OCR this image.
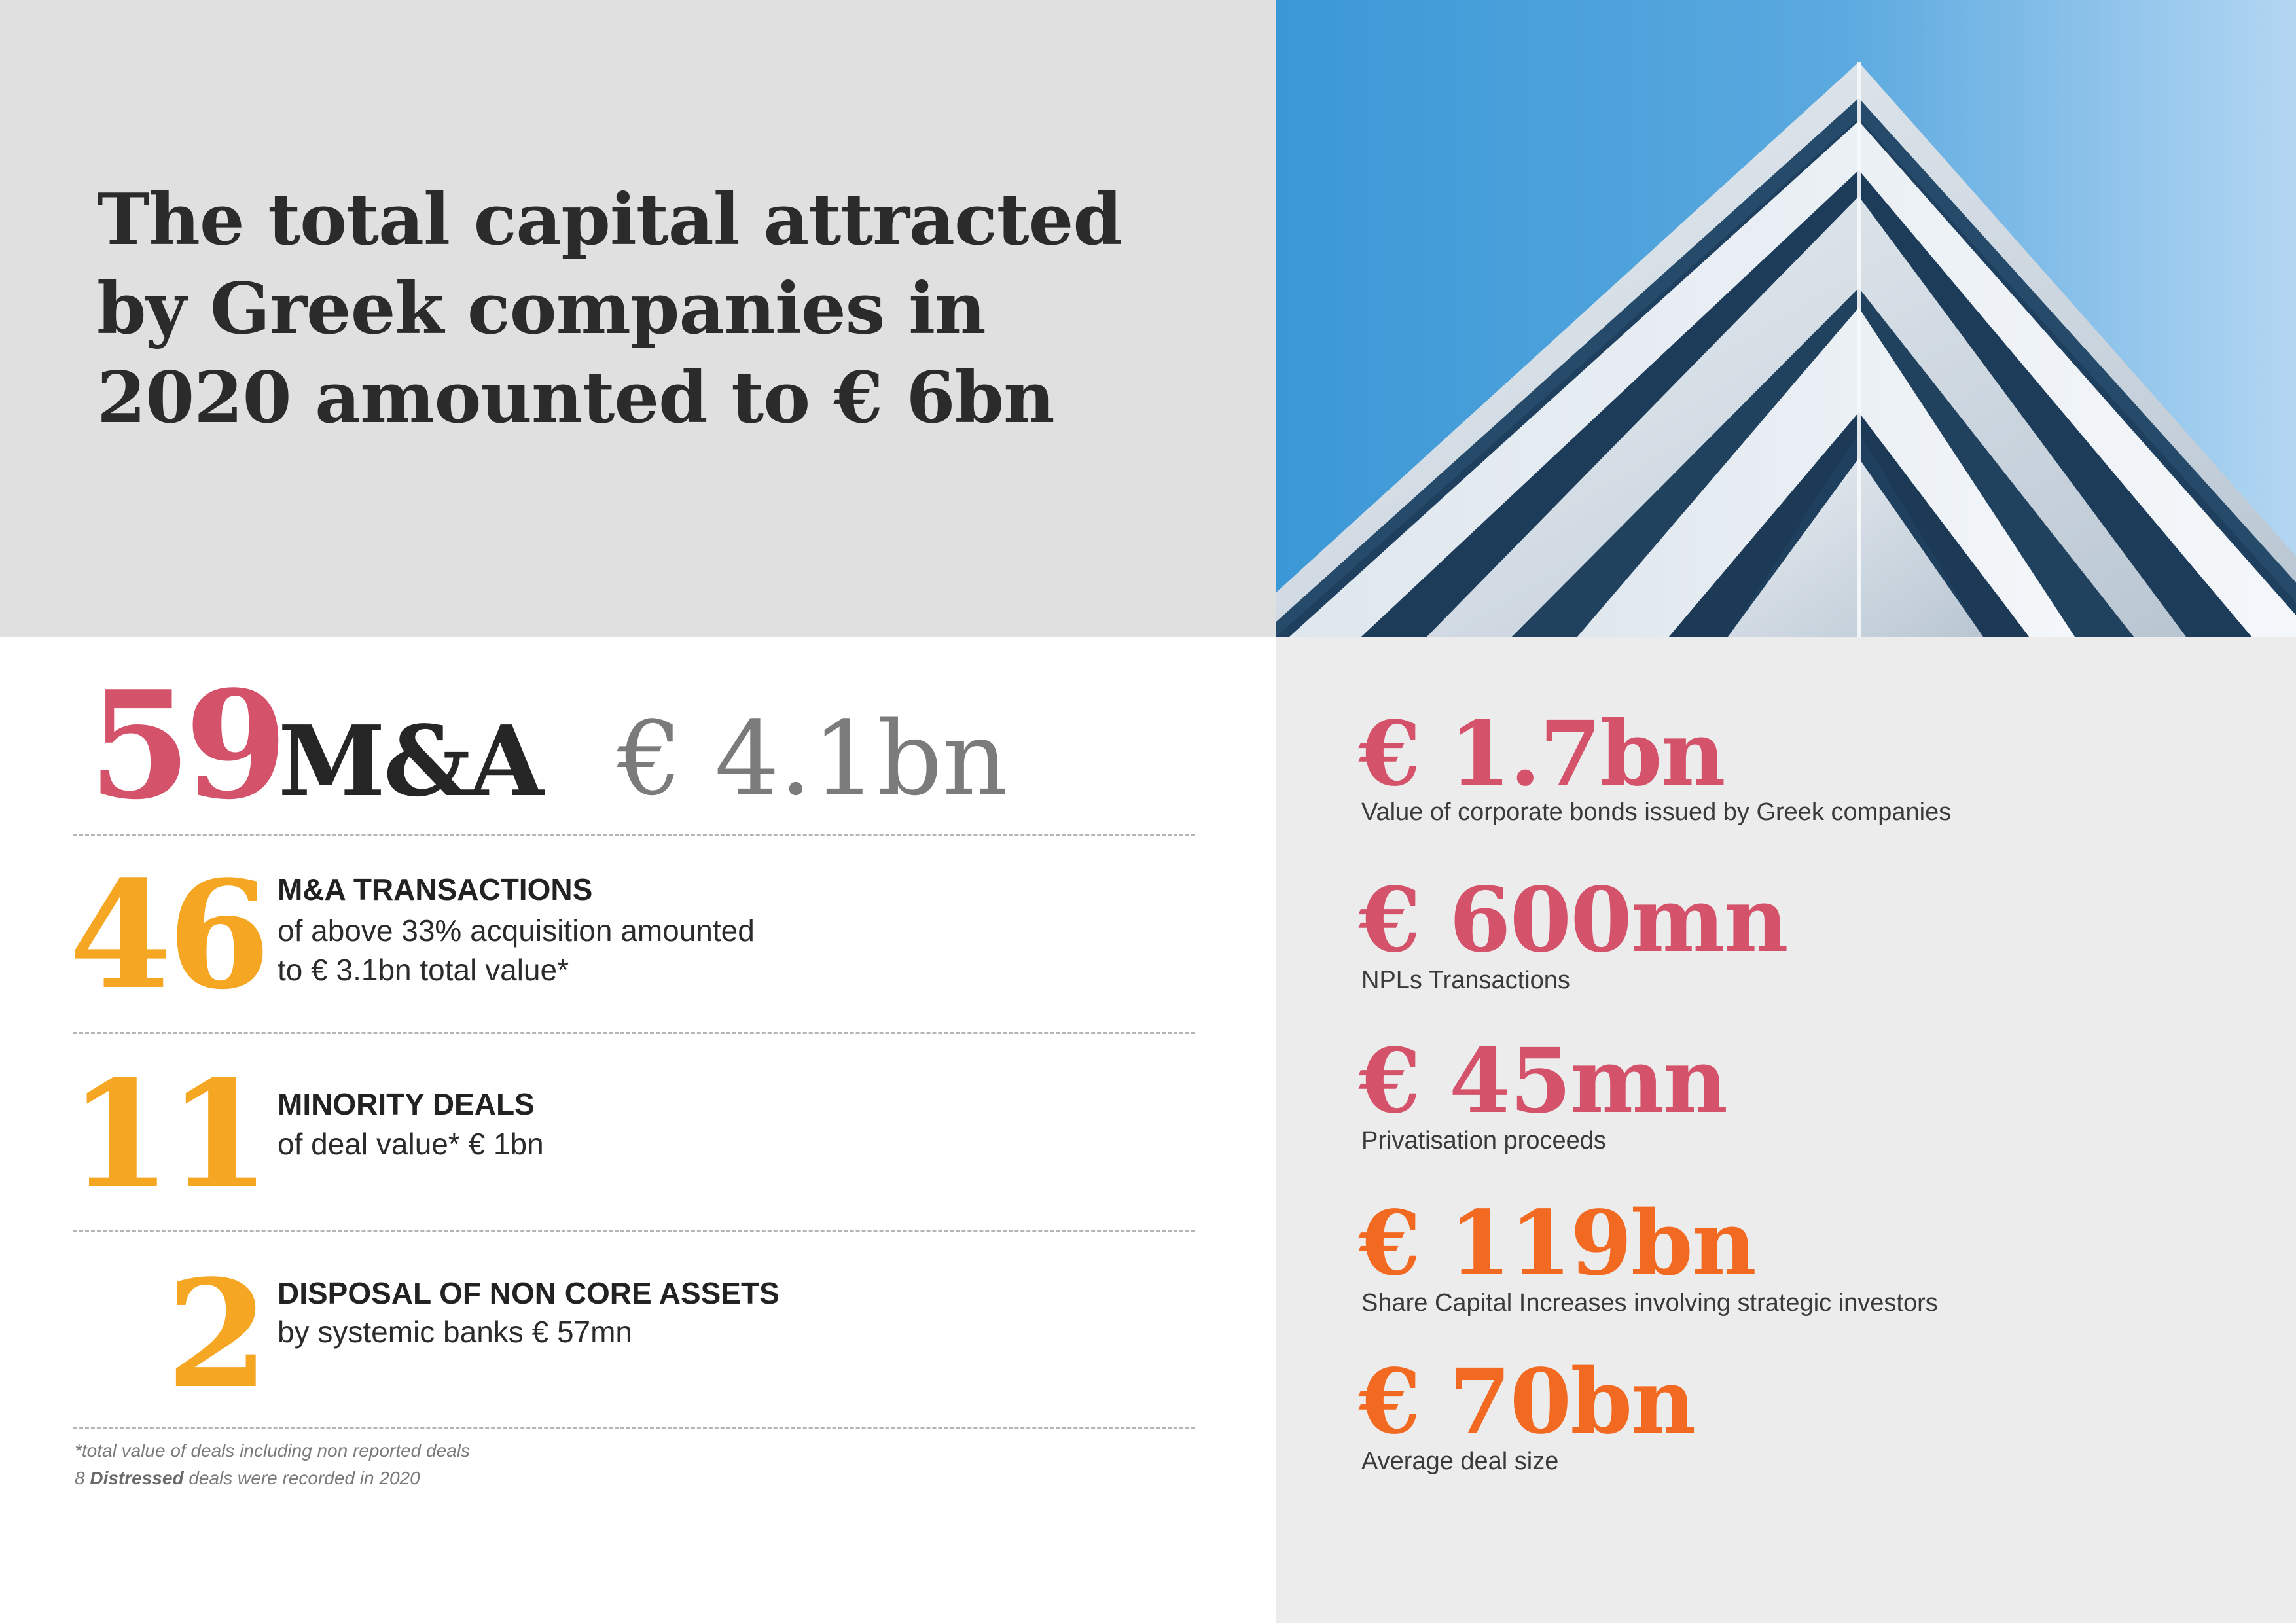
The total capital attracted
by Greek companies in
2020 amounted to € 6bn
59
M&A € 4.1bn
46 M&A TRANSACTIONS
of above 33% acquisition amounted
to € 3.1bn total value*
11 MINORITY DEALS
of deal value* € 1bn
2 DISPOSAL OF NON CORE ASSETS
by systemic banks € 57mn
*total value of deals including non reported deals
8 Distressed deals were recorded in 2020
€ 1.7bn
Value of corporate bonds issued by Greek companies
€ 600mn
NPLs Transactions
€ 45mn
Privatisation proceeds
€ 119bn
Share Capital Increases involving strategic investors
€ 70bn
Average deal size
